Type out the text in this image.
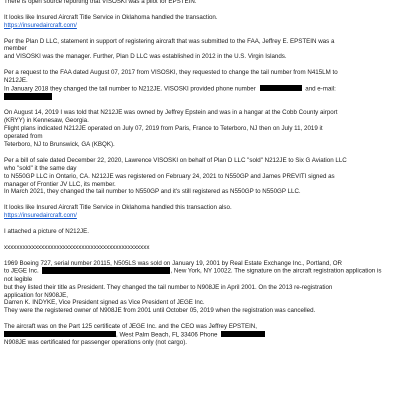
There is open source reporting that VISOSKI was a pilot for EPSTEIN.

It looks like Insured Aircraft Title Service in Oklahoma handled the transaction.

https://insuredaircraft.com/

Per the Plan D LLC, statement in support of registering aircraft that was submitted to the FAA, Jeffrey E. EPSTEIN was a

member

and VISOSKI was the manager. Further, Plan D LLC was established in 2012 in the U.S. Virgin Islands.

Per a request to the FAA dated August 07, 2017 from VISOSKI, they requested to change the tail number from N415LM to

N212JE.

In January 2018 they changed the tail number to N212JE. VISOSKI provided phone number	and e-mail:

On August 14, 2019 I was told that N212JE was owned by Jeffrey Epstein and was in a hangar at the Cobb County airport

(KRYY) in Kennesaw, Georgia.

Flight plans indicated N212JE operated on July 07, 2019 from Paris, France to Teterboro, NJ then on July 11, 2019 it

operated from

Teterboro, NJ to Brunswick, GA (KBQK).

Per a bill of sale dated December 22, 2020, Lawrence VISOSKI on behalf of Plan D LLC "sold" N212JE to Six G Aviation LLC

who "sold" it the same day

to N550GP LLC in Ontario, CA. N212JE was registered on February 24, 2021 to N550GP and James PREVITI signed as

manager of Frontier JV LLC, its member.

In March 2021, they changed the tail number to N550GP and it's still registered as N550GP to N550GP LLC.

It looks like Insured Aircraft Title Service in Oklahoma handled this transaction also.

https://insuredaircraft.com/

I attached a picture of N212JE.

xxxxxxxxxxxxxxxxxxxxxxxxxxxxxxxxxxxxxxxxxxxxxxx

1969 Boeing 727, serial number 20115, N505LS was sold on January 19, 2001 by Real Estate Exchange Inc., Portland, OR

to JEGE Inc.	, New York, NY 10022. The signature on the aircraft registration application is

not legible

but they listed their title as President. They changed the tail number to N908JE in April 2001. On the 2013 re-registration

application for N908JE,

Darren K. INDYKE, Vice President signed as Vice President of JEGE Inc.

They were the registered owner of N908JE from 2001 until October 05, 2019 when the registration was cancelled.

The aircraft was on the Part 125 certificate of JEGE Inc. and the CEO was Jeffrey EPSTEIN,

, West Palm Beach, FL 33406 Phone

N908JE was certificated for passenger operations only (not cargo).
